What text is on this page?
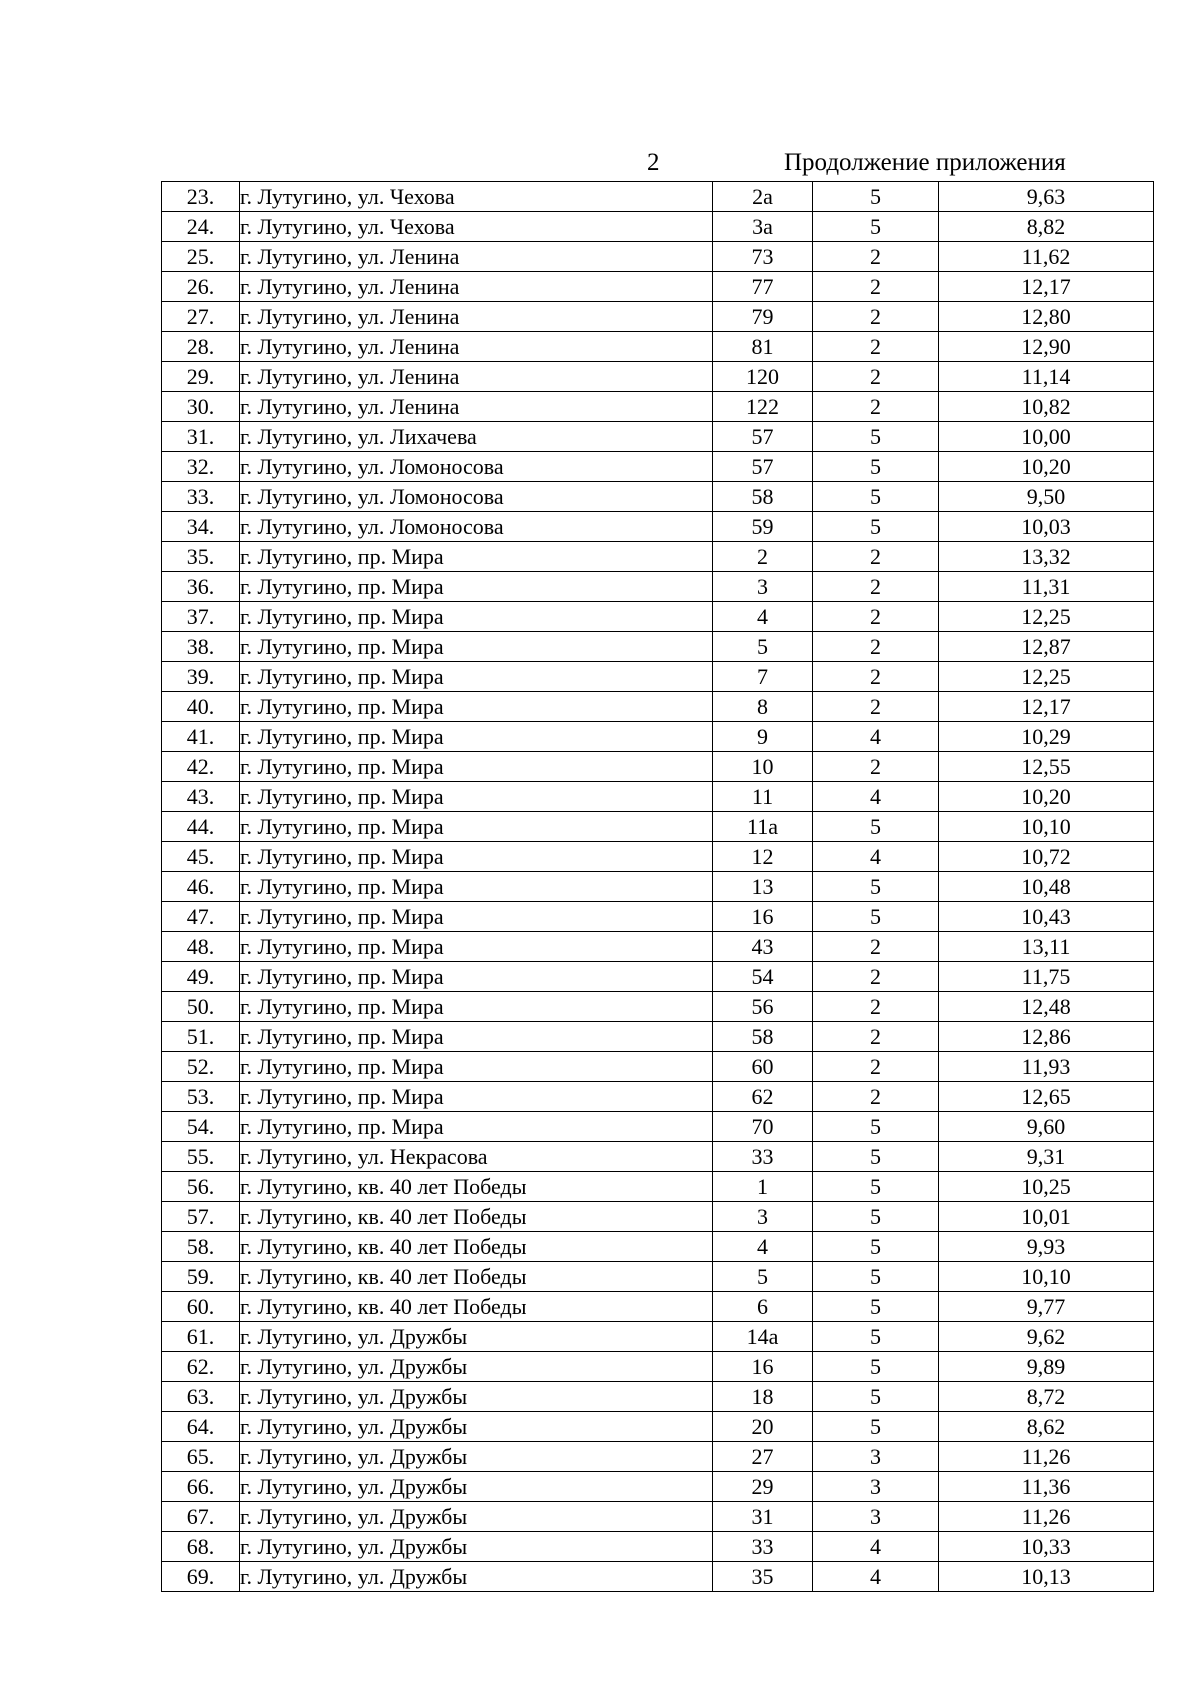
2	Продолжение приложения
23.	г. Лутугино, ул. Чехова	2а	5	9,63
24.	г. Лутугино, ул. Чехова	3а	5	8,82
25.	г. Лутугино, ул. Ленина	73	2	11,62
26.	г. Лутугино, ул. Ленина	77	2	12,17
27.	г. Лутугино, ул. Ленина	79	2	12,80
28.	г. Лутугино, ул. Ленина	81	2	12,90
29.	г. Лутугино, ул. Ленина	120	2	11,14
30.	г. Лутугино, ул. Ленина	122	2	10,82
31.	г. Лутугино, ул. Лихачева	57	5	10,00
32.	г. Лутугино, ул. Ломоносова	57	5	10,20
33.	г. Лутугино, ул. Ломоносова	58	5	9,50
34.	г. Лутугино, ул. Ломоносова	59	5	10,03
35.	г. Лутугино, пр. Мира	2	2	13,32
36.	г. Лутугино, пр. Мира	3	2	11,31
37.	г. Лутугино, пр. Мира	4	2	12,25
38.	г. Лутугино, пр. Мира	5	2	12,87
39.	г. Лутугино, пр. Мира	7	2	12,25
40.	г. Лутугино, пр. Мира	8	2	12,17
41.	г. Лутугино, пр. Мира	9	4	10,29
42.	г. Лутугино, пр. Мира	10	2	12,55
43.	г. Лутугино, пр. Мира	11	4	10,20
44.	г. Лутугино, пр. Мира	11а	5	10,10
45.	г. Лутугино, пр. Мира	12	4	10,72
46.	г. Лутугино, пр. Мира	13	5	10,48
47.	г. Лутугино, пр. Мира	16	5	10,43
48.	г. Лутугино, пр. Мира	43	2	13,11
49.	г. Лутугино, пр. Мира	54	2	11,75
50.	г. Лутугино, пр. Мира	56	2	12,48
51.	г. Лутугино, пр. Мира	58	2	12,86
52.	г. Лутугино, пр. Мира	60	2	11,93
53.	г. Лутугино, пр. Мира	62	2	12,65
54.	г. Лутугино, пр. Мира	70	5	9,60
55.	г. Лутугино, ул. Некрасова	33	5	9,31
56.	г. Лутугино, кв. 40 лет Победы	1	5	10,25
57.	г. Лутугино, кв. 40 лет Победы	3	5	10,01
58.	г. Лутугино, кв. 40 лет Победы	4	5	9,93
59.	г. Лутугино, кв. 40 лет Победы	5	5	10,10
60.	г. Лутугино, кв. 40 лет Победы	6	5	9,77
61.	г. Лутугино, ул. Дружбы	14а	5	9,62
62.	г. Лутугино, ул. Дружбы	16	5	9,89
63.	г. Лутугино, ул. Дружбы	18	5	8,72
64.	г. Лутугино, ул. Дружбы	20	5	8,62
65.	г. Лутугино, ул. Дружбы	27	3	11,26
66.	г. Лутугино, ул. Дружбы	29	3	11,36
67.	г. Лутугино, ул. Дружбы	31	3	11,26
68.	г. Лутугино, ул. Дружбы	33	4	10,33
69.	г. Лутугино, ул. Дружбы	35	4	10,13
